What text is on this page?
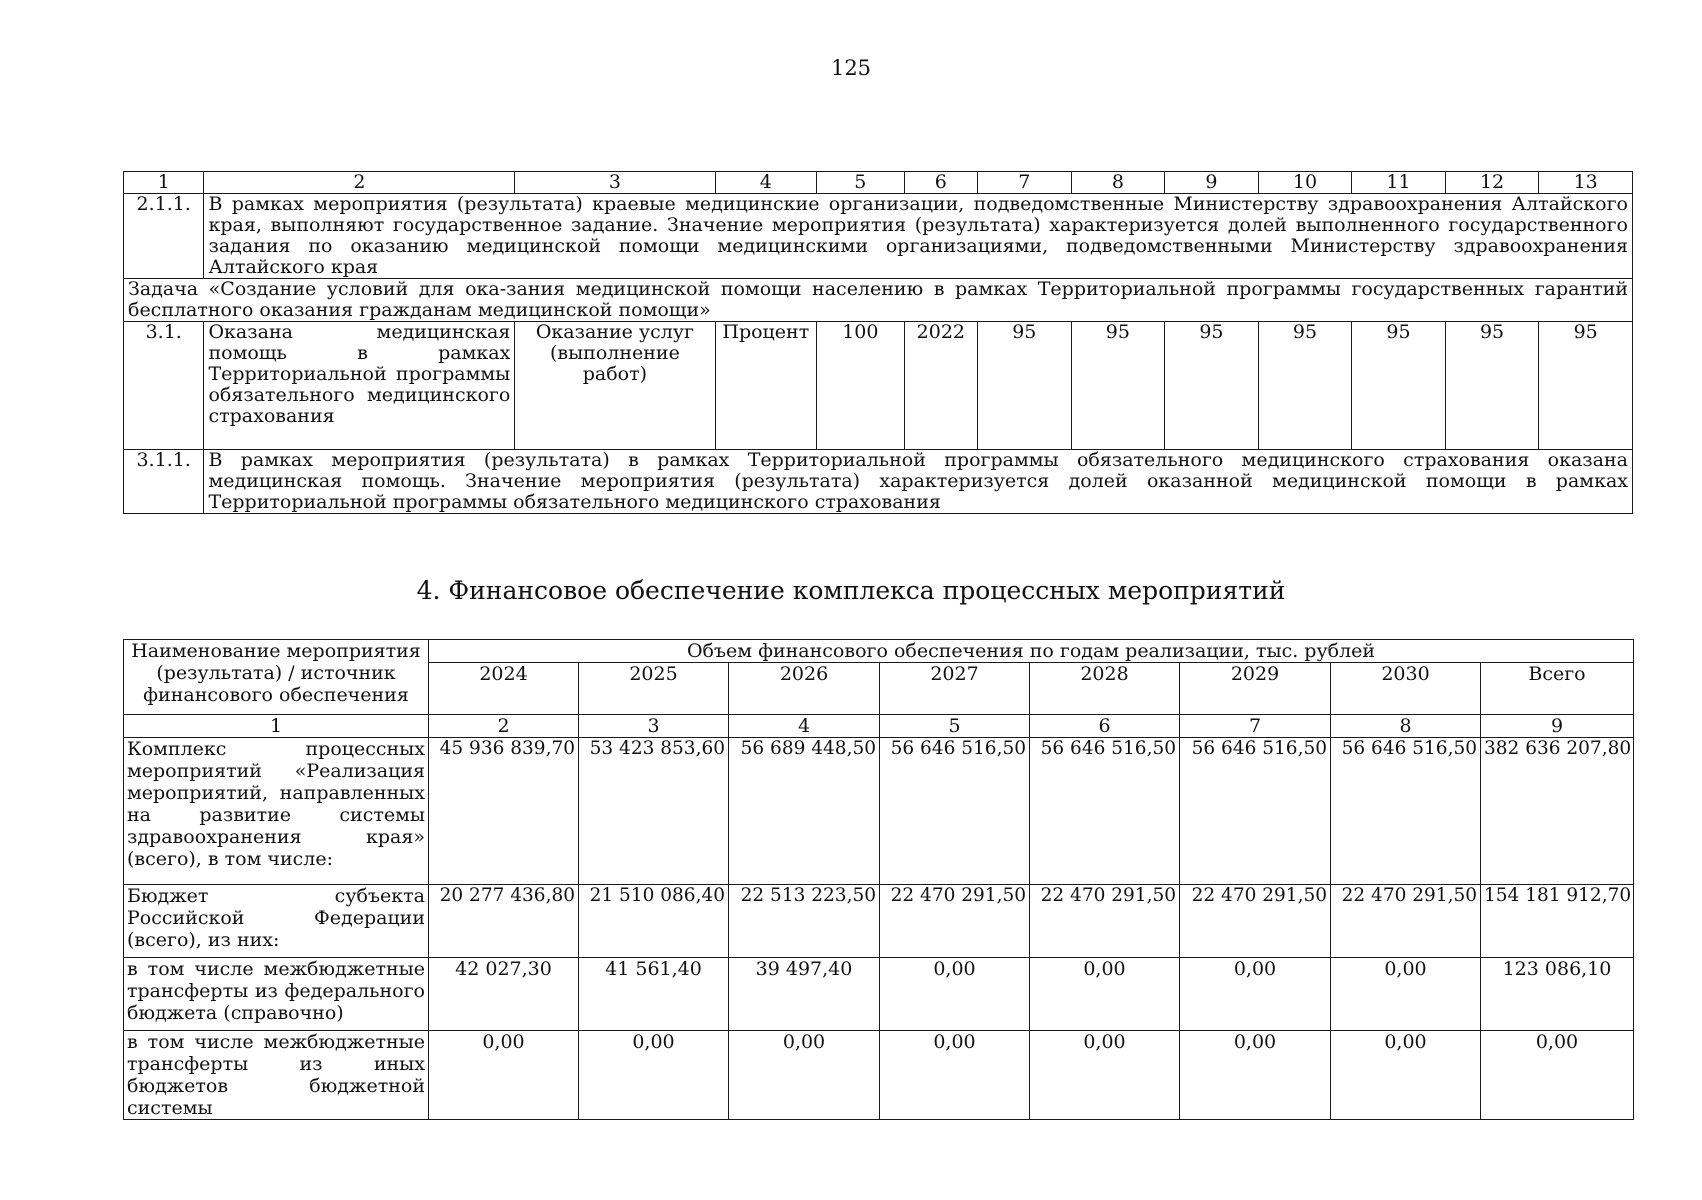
125
1	2	3	4	5	6	7	8	9	10	11	12	13
2.1.1.	В рамках мероприятия (результата) краевые медицинские организации, подведомственные Министерству здравоохранения Алтайского края, выполняют государственное задание. Значение мероприятия (результата) характеризуется долей выполненного государственного задания по оказанию медицинской помощи медицинскими организациями, подведомственными Министерству здравоохранения Алтайского края											
Задача «Создание условий для ока-зания медицинской помощи населению в рамках Территориальной программы государственных гарантий бесплатного оказания гражданам медицинской помощи»												
3.1.	Оказана медицинская помощь в рамках Территориальной программы обязательного медицинского страхования	Оказание услуг (выполнение работ)	Процент	100	2022	95	95	95	95	95	95	95
3.1.1.	В рамках мероприятия (результата) в рамках Территориальной программы обязательного медицинского страхования оказана медицинская помощь. Значение мероприятия (результата) характеризуется долей оказанной медицинской помощи в рамках Территориальной программы обязательного медицинского страхования											
4. Финансовое обеспечение комплекса процессных мероприятий
Наименование мероприятия (результата) / источник финансового обеспечения	Объем финансового обеспечения по годам реализации, тыс. рублей							
	2024	2025	2026	2027	2028	2029	2030	Всего
1	2	3	4	5	6	7	8	9
Комплекс процессных мероприятий «Реализация мероприятий, направленных на развитие системы здравоохранения края» (всего), в том числе:	45 936 839,70	53 423 853,60	56 689 448,50	56 646 516,50	56 646 516,50	56 646 516,50	56 646 516,50	382 636 207,80
Бюджет субъекта Российской Федерации (всего), из них:	20 277 436,80	21 510 086,40	22 513 223,50	22 470 291,50	22 470 291,50	22 470 291,50	22 470 291,50	154 181 912,70
в том числе межбюджетные трансферты из федерального бюджета (справочно)	42 027,30	41 561,40	39 497,40	0,00	0,00	0,00	0,00	123 086,10
в том числе межбюджетные трансферты из иных бюджетов бюджетной системы	0,00	0,00	0,00	0,00	0,00	0,00	0,00	0,00
